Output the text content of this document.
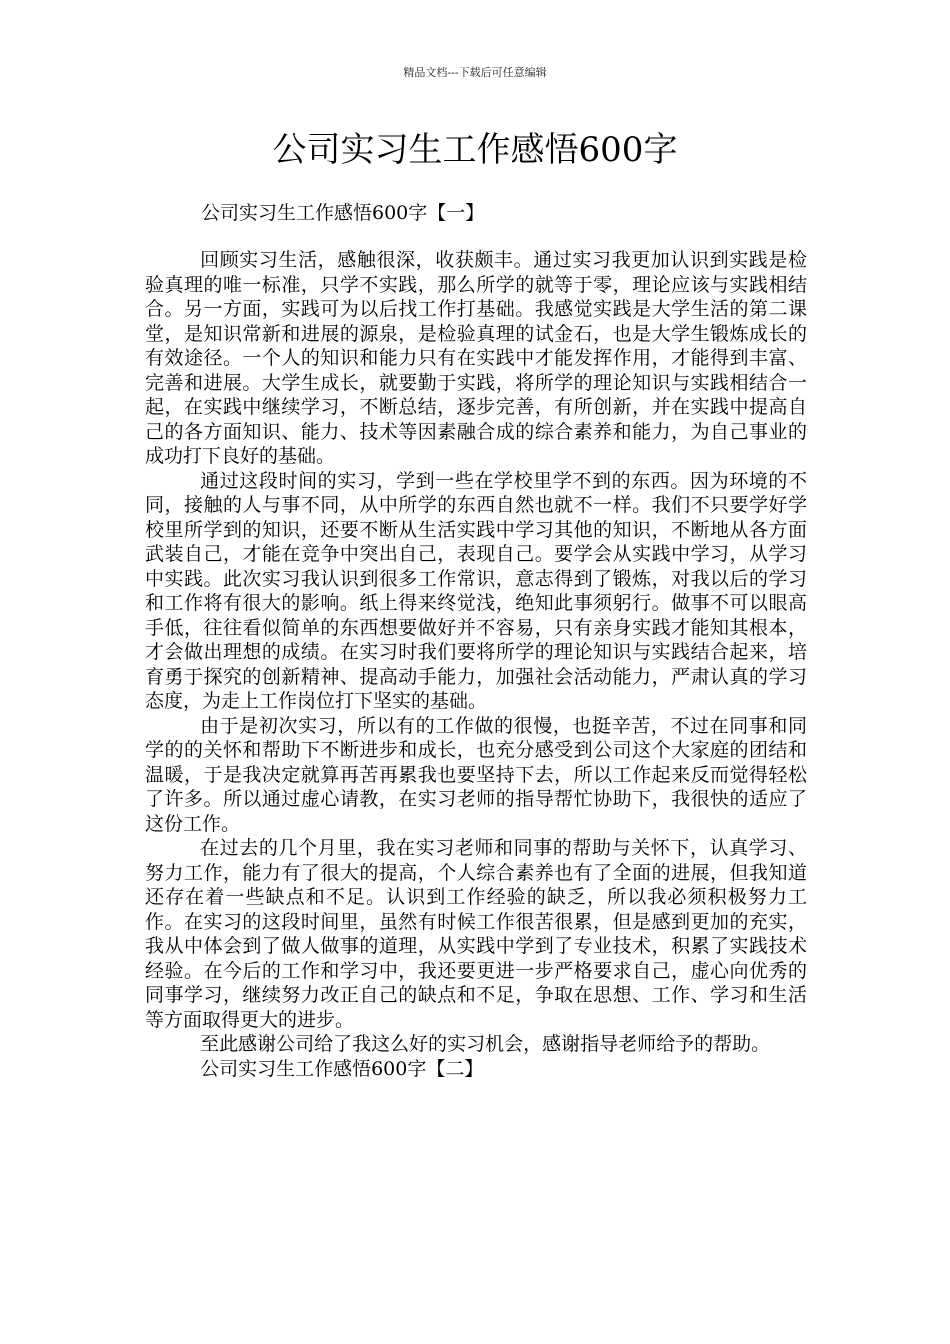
精品文档---下载后可任意编辑
公司实习生工作感悟600字
公司实习生工作感悟600字【一】

回顾实习生活，感触很深，收获颇丰。通过实习我更加认识到实践是检验真理的唯一标准，只学不实践，那么所学的就等于零，理论应该与实践相结合。另一方面，实践可为以后找工作打基础。我感觉实践是大学生活的第二课堂，是知识常新和进展的源泉，是检验真理的试金石，也是大学生锻炼成长的有效途径。一个人的知识和能力只有在实践中才能发挥作用，才能得到丰富、完善和进展。大学生成长，就要勤于实践，将所学的理论知识与实践相结合一起，在实践中继续学习，不断总结，逐步完善，有所创新，并在实践中提高自己的各方面知识、能力、技术等因素融合成的综合素养和能力，为自己事业的成功打下良好的基础。

通过这段时间的实习，学到一些在学校里学不到的东西。因为环境的不同，接触的人与事不同，从中所学的东西自然也就不一样。我们不只要学好学校里所学到的知识，还要不断从生活实践中学习其他的知识，不断地从各方面武装自己，才能在竞争中突出自己，表现自己。要学会从实践中学习，从学习中实践。此次实习我认识到很多工作常识，意志得到了锻炼，对我以后的学习和工作将有很大的影响。纸上得来终觉浅，绝知此事须躬行。做事不可以眼高手低，往往看似简单的东西想要做好并不容易，只有亲身实践才能知其根本，才会做出理想的成绩。在实习时我们要将所学的理论知识与实践结合起来，培育勇于探究的创新精神、提高动手能力，加强社会活动能力，严肃认真的学习态度，为走上工作岗位打下坚实的基础。

由于是初次实习，所以有的工作做的很慢，也挺辛苦，不过在同事和同学的的关怀和帮助下不断进步和成长，也充分感受到公司这个大家庭的团结和温暖，于是我决定就算再苦再累我也要坚持下去，所以工作起来反而觉得轻松了许多。所以通过虚心请教，在实习老师的指导帮忙协助下，我很快的适应了这份工作。

在过去的几个月里，我在实习老师和同事的帮助与关怀下，认真学习、努力工作，能力有了很大的提高，个人综合素养也有了全面的进展，但我知道还存在着一些缺点和不足。认识到工作经验的缺乏，所以我必须积极努力工作。在实习的这段时间里，虽然有时候工作很苦很累，但是感到更加的充实，我从中体会到了做人做事的道理，从实践中学到了专业技术，积累了实践技术经验。在今后的工作和学习中，我还要更进一步严格要求自己，虚心向优秀的同事学习，继续努力改正自己的缺点和不足，争取在思想、工作、学习和生活等方面取得更大的进步。

至此感谢公司给了我这么好的实习机会，感谢指导老师给予的帮助。

公司实习生工作感悟600字【二】
